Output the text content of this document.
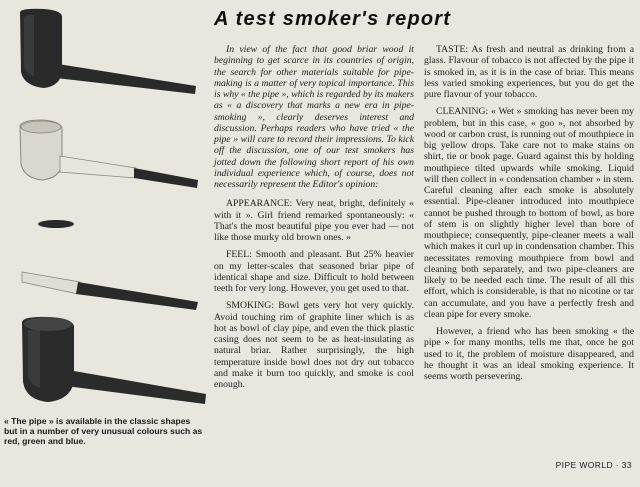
« The pipe » is available in the classic shapes but in a number of very unusual colours such as red, green and blue.
A test smoker's report

In view of the fact that good briar wood it beginning to get scarce in its countries of origin, the search for other materials suitable for pipe-making is a matter of very topical importance. This is why « the pipe », which is regarded by its makers as « a discovery that marks a new era in pipe-smoking », clearly deserves interest and discussion. Perhaps readers who have tried « the pipe » will care to record their impressions. To kick off the discussion, one of our test smokers has jotted down the following short report of his own individual experience which, of course, does not necessarily represent the Editor's opinion:

APPEARANCE: Very neat, bright, definitely « with it ». Girl friend remarked spontaneously: « That's the most beautiful pipe you ever had — not like those murky old brown ones. »

FEEL: Smooth and pleasant. But 25% heavier on my letter-scales that seasoned briar pipe of identical shape and size. Difficult to hold between teeth for very long. However, you get used to that.

SMOKING: Bowl gets very hot very quickly. Avoid touching rim of graphite liner which is as hot as bowl of clay pipe, and even the thick plastic casing does not seem to be as heat-insulating as natural briar. Rather surprisingly, the high temperature inside bowl does not dry out tobacco and make it burn too quickly, and smoke is cool enough.

TASTE: As fresh and neutral as drinking from a glass. Flavour of tobacco is not affected by the pipe it is smoked in, as it is in the case of briar. This means less varied smoking experiences, but you do get the pure flavour of your tobacco.

CLEANING: « Wet » smoking has never been my problem, but in this case, « goo », not absorbed by wood or carbon crust, is running out of mouthpiece in big yellow drops. Take care not to make stains on shirt, tie or book page. Guard against this by holding mouthpiece tilted upwards while smoking. Liquid will then collect in « condensation chamber » in stem. Careful cleaning after each smoke is absolutely essential. Pipe-cleaner introduced into mouthpiece cannot be pushed through to bottom of bowl, as bore of stem is on slightly higher level than bore of mouthpiece; consequently, pipe-cleaner meets a wall which makes it curl up in condensation chamber. This necessitates removing mouthpiece from bowl and cleaning both separately, and two pipe-cleaners are likely to be needed each time. The result of all this effort, which is considerable, is that no nicotine or tar can accumulate, and you have a perfectly fresh and clean pipe for every smoke.

However, a friend who has been smoking « the pipe » for many months, tells me that, once he got used to it, the problem of moisture disappeared, and he thought it was an ideal smoking experience. It seems worth persevering.

PIPE WORLD · 33
